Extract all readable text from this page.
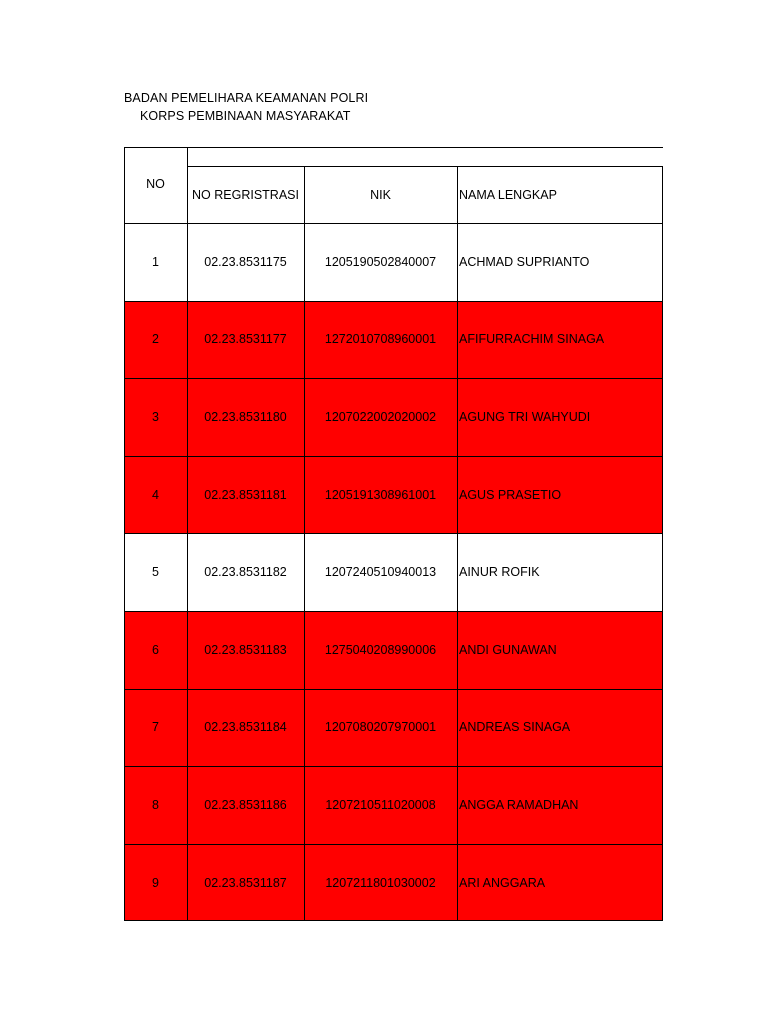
BADAN PEMELIHARA KEAMANAN POLRI
KORPS PEMBINAAN MASYARAKAT
NO
NO REGRISTRASI	NIK	NAMA LENGKAP
1	02.23.8531175	1205190502840007	ACHMAD SUPRIANTO
2	02.23.8531177	1272010708960001	AFIFURRACHIM SINAGA
3	02.23.8531180	1207022002020002	AGUNG TRI WAHYUDI
4	02.23.8531181	1205191308961001	AGUS PRASETIO
5	02.23.8531182	1207240510940013	AINUR ROFIK
6	02.23.8531183	1275040208990006	ANDI GUNAWAN
7	02.23.8531184	1207080207970001	ANDREAS SINAGA
8	02.23.8531186	1207210511020008	ANGGA RAMADHAN
9	02.23.8531187	1207211801030002	ARI ANGGARA
